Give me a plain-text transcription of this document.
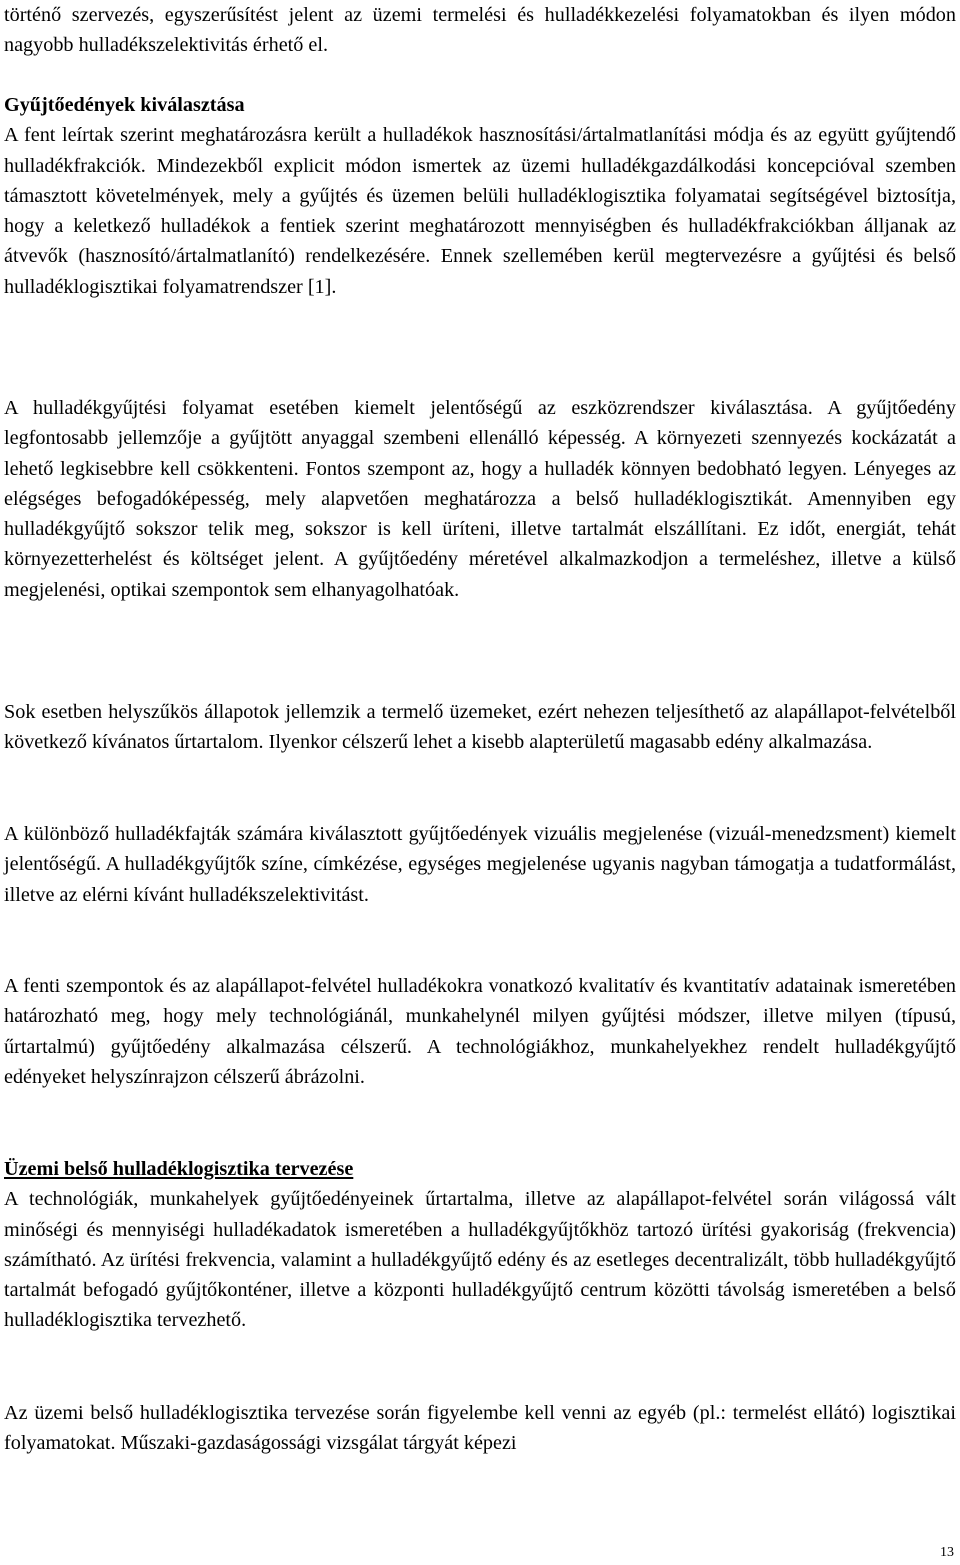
történő szervezés, egyszerűsítést jelent az üzemi termelési és hulladékkezelési folyamatokban és ilyen módon nagyobb hulladékszelektivitás érhető el.

Gyűjtőedények kiválasztása

A fent leírtak szerint meghatározásra került a hulladékok hasznosítási/ártalmatlanítási módja és az együtt gyűjtendő hulladékfrakciók. Mindezekből explicit módon ismertek az üzemi hulladékgazdálkodási koncepcióval szemben támasztott követelmények, mely a gyűjtés és üzemen belüli hulladéklogisztika folyamatai segítségével biztosítja, hogy a keletkező hulladékok a fentiek szerint meghatározott mennyiségben és hulladékfrakciókban álljanak az átvevők (hasznosító/ártalmatlanító) rendelkezésére. Ennek szellemében kerül megtervezésre a gyűjtési és belső hulladéklogisztikai folyamatrendszer [1].

A hulladékgyűjtési folyamat esetében kiemelt jelentőségű az eszközrendszer kiválasztása. A gyűjtőedény legfontosabb jellemzője a gyűjtött anyaggal szembeni ellenálló képesség. A környezeti szennyezés kockázatát a lehető legkisebbre kell csökkenteni. Fontos szempont az, hogy a hulladék könnyen bedobható legyen. Lényeges az elégséges befogadóképesség, mely alapvetően meghatározza a belső hulladéklogisztikát. Amennyiben egy hulladékgyűjtő sokszor telik meg, sokszor is kell üríteni, illetve tartalmát elszállítani. Ez időt, energiát, tehát környezetterhelést és költséget jelent. A gyűjtőedény méretével alkalmazkodjon a termeléshez, illetve a külső megjelenési, optikai szempontok sem elhanyagolhatóak.

Sok esetben helyszűkös állapotok jellemzik a termelő üzemeket, ezért nehezen teljesíthető az alapállapot-felvételből következő kívánatos űrtartalom. Ilyenkor célszerű lehet a kisebb alapterületű magasabb edény alkalmazása.

A különböző hulladékfajták számára kiválasztott gyűjtőedények vizuális megjelenése (vizuál-menedzsment) kiemelt jelentőségű. A hulladékgyűjtők színe, címkézése, egységes megjelenése ugyanis nagyban támogatja a tudatformálást, illetve az elérni kívánt hulladékszelektivitást.

A fenti szempontok és az alapállapot-felvétel hulladékokra vonatkozó kvalitatív és kvantitatív adatainak ismeretében határozható meg, hogy mely technológiánál, munkahelynél milyen gyűjtési módszer, illetve milyen (típusú, űrtartalmú) gyűjtőedény alkalmazása célszerű. A technológiákhoz, munkahelyekhez rendelt hulladékgyűjtő edényeket helyszínrajzon célszerű ábrázolni.

Üzemi belső hulladéklogisztika tervezése

A technológiák, munkahelyek gyűjtőedényeinek űrtartalma, illetve az alapállapot-felvétel során világossá vált minőségi és mennyiségi hulladékadatok ismeretében a hulladékgyűjtőkhöz tartozó ürítési gyakoriság (frekvencia) számítható. Az ürítési frekvencia, valamint a hulladékgyűjtő edény és az esetleges decentralizált, több hulladékgyűjtő tartalmát befogadó gyűjtőkonténer, illetve a központi hulladékgyűjtő centrum közötti távolság ismeretében a belső hulladéklogisztika tervezhető.

Az üzemi belső hulladéklogisztika tervezése során figyelembe kell venni az egyéb (pl.: termelést ellátó) logisztikai folyamatokat. Műszaki-gazdaságossági vizsgálat tárgyát képezi

13
